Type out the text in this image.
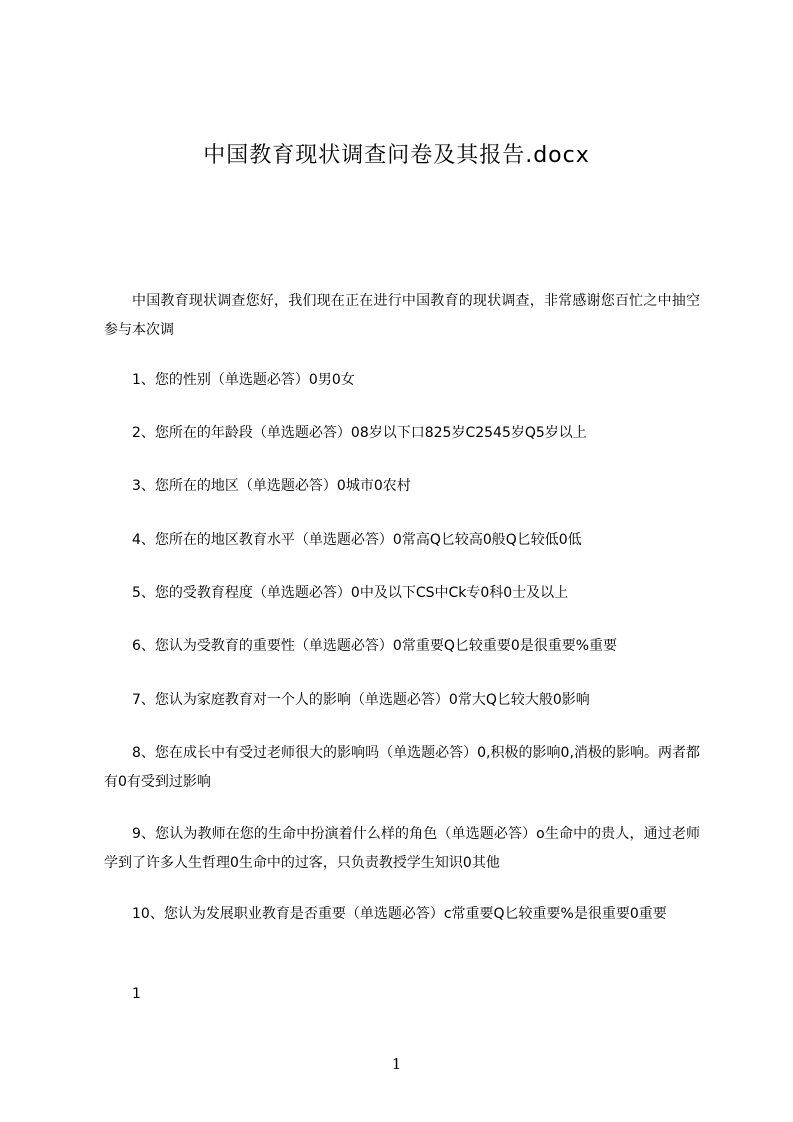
中国教育现状调查问卷及其报告.docx

中国教育现状调查您好，我们现在正在进行中国教育的现状调查，非常感谢您百忙之中抽空参与本次调

1、您的性别（单选题必答）0男0女

2、您所在的年龄段（单选题必答）08岁以下口825岁C2545岁Q5岁以上

3、您所在的地区（单选题必答）0城市0农村

4、您所在的地区教育水平（单选题必答）0常高Q匕较高0般Q匕较低0低

5、您的受教育程度（单选题必答）0中及以下CS中Ck专0科0士及以上

6、您认为受教育的重要性（单选题必答）0常重要Q匕较重要0是很重要%重要

7、您认为家庭教育对一个人的影响（单选题必答）0常大Q匕较大般0影响

8、您在成长中有受过老师很大的影响吗（单选题必答）0,积极的影响0,消极的影响。两者都有0有受到过影响

9、您认为教师在您的生命中扮演着什么样的角色（单选题必答）o生命中的贵人，通过老师学到了许多人生哲理0生命中的过客，只负责教授学生知识0其他

10、您认为发展职业教育是否重要（单选题必答）c常重要Q匕较重要%是很重要0重要

1

1
